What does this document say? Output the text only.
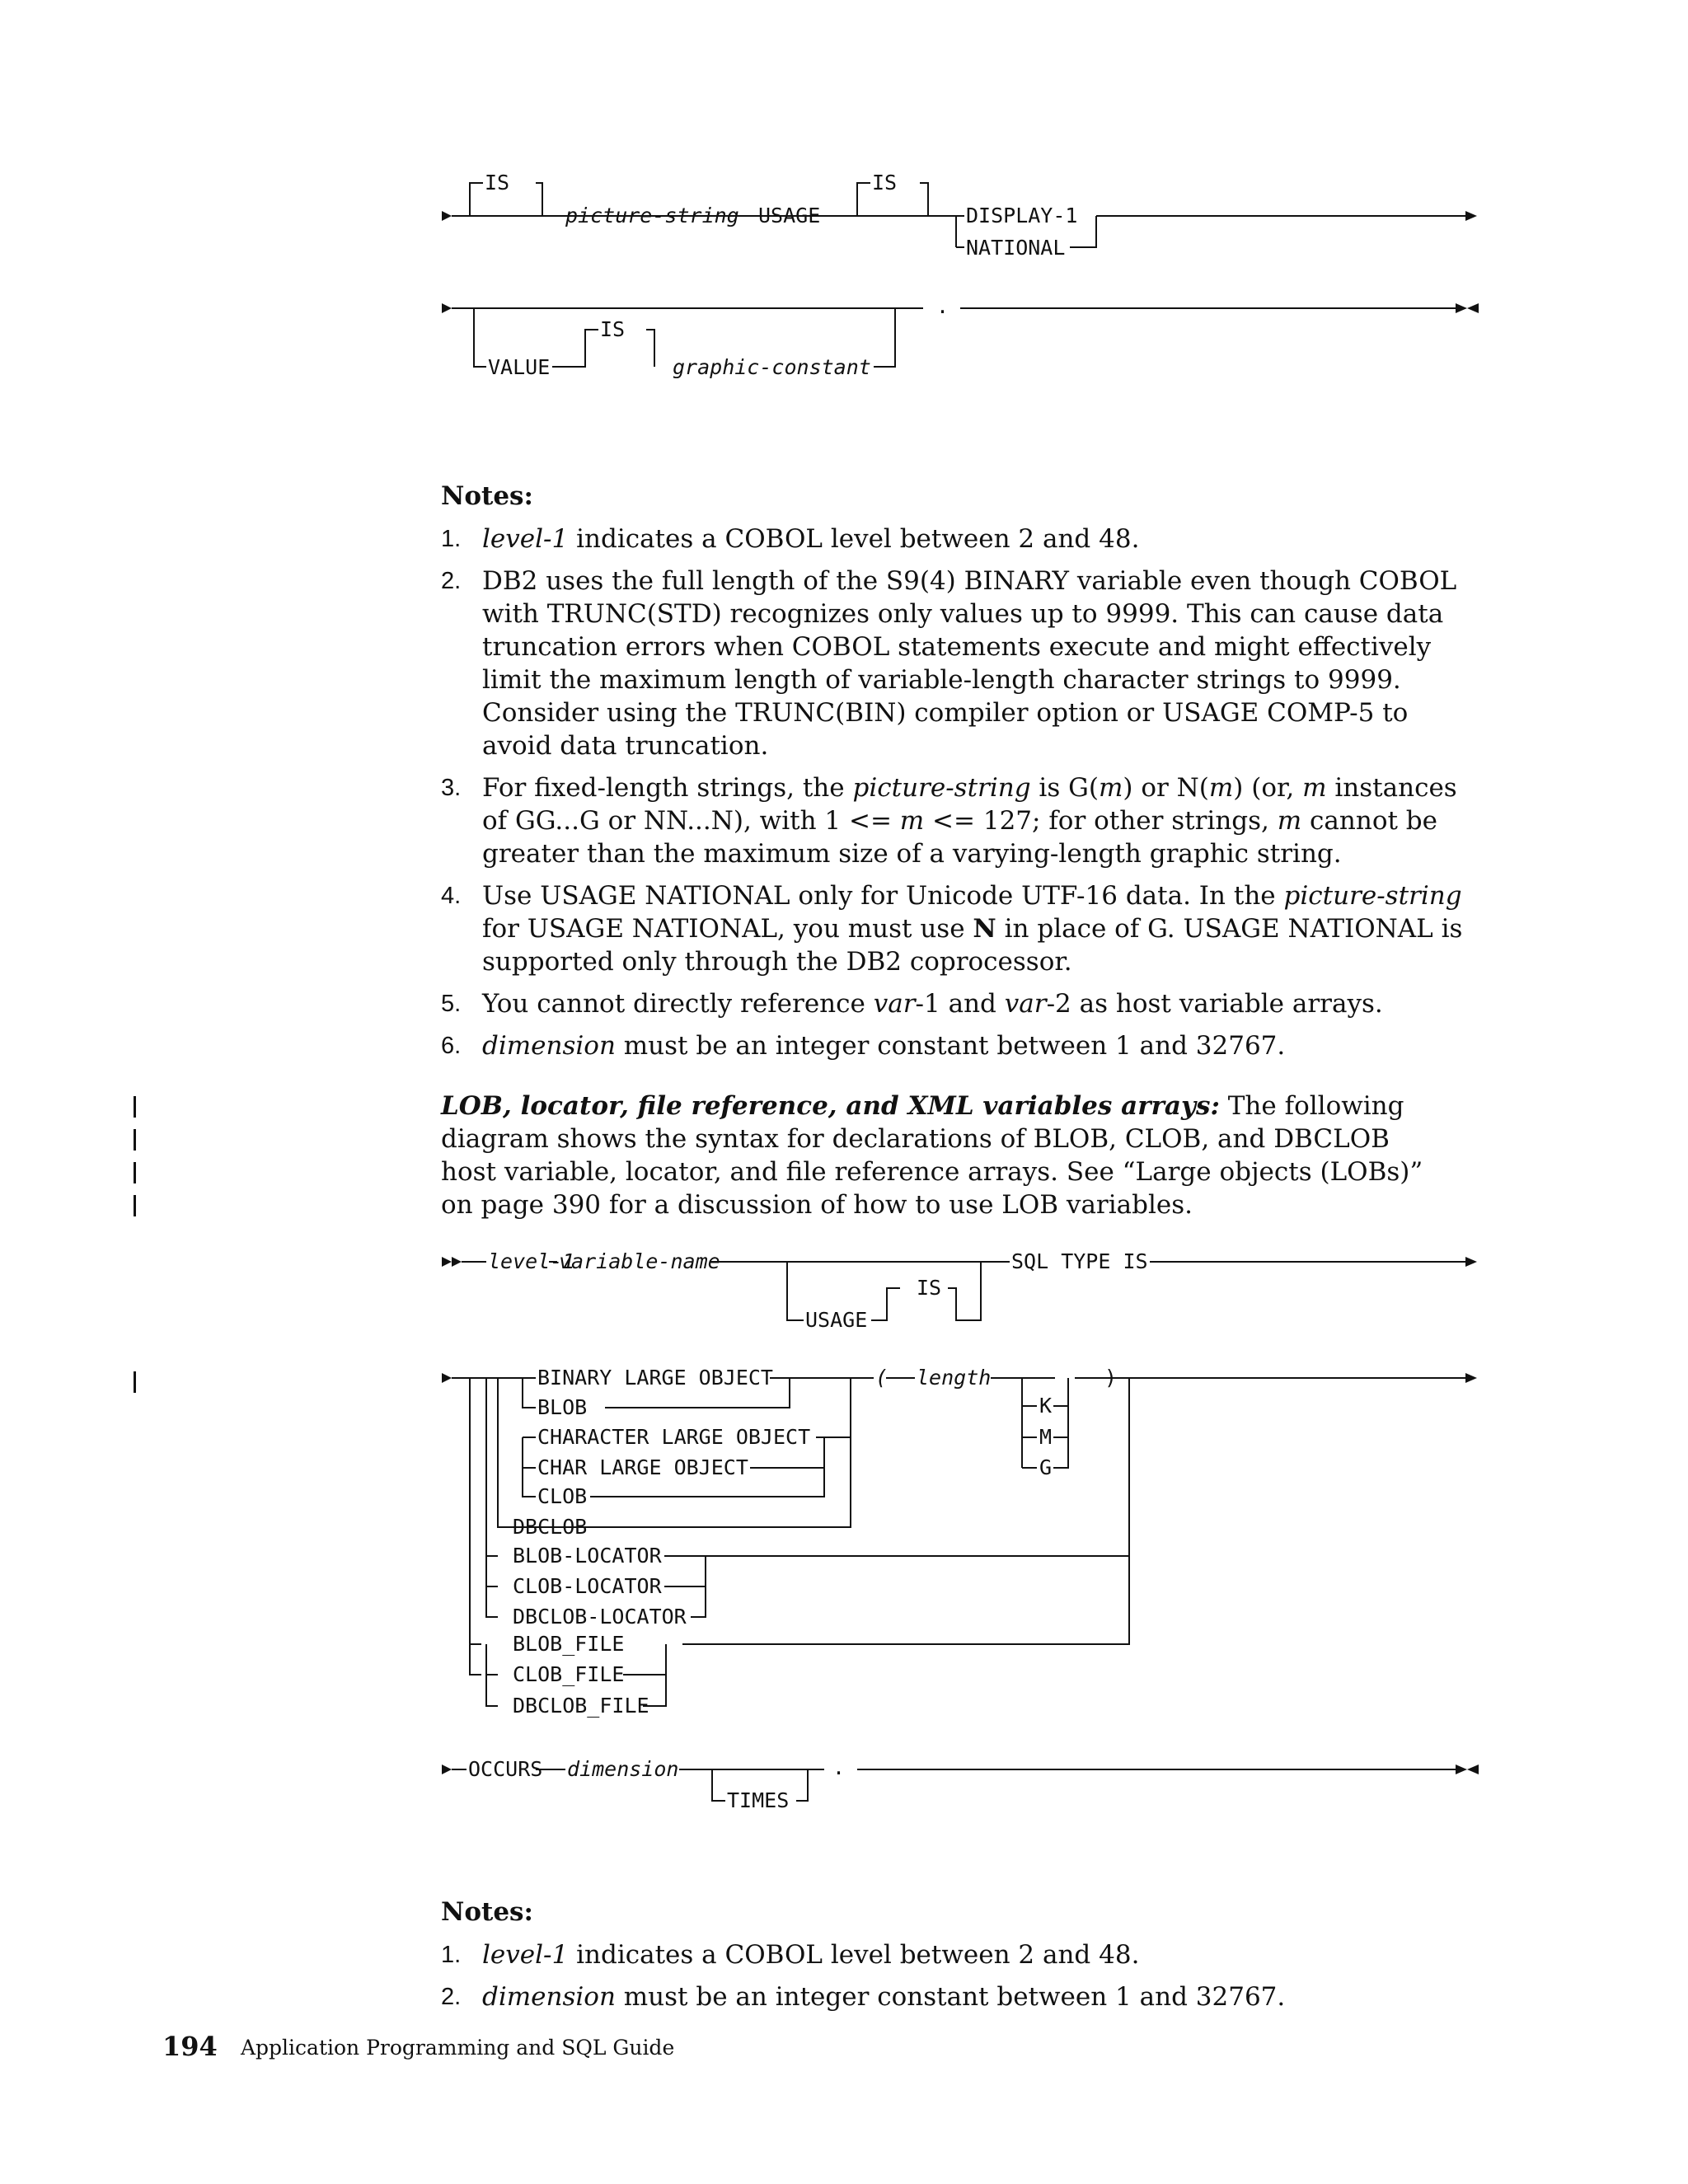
IS
picture-string USAGE
IS
DISPLAY-1
NATIONAL
VALUE
IS
graphic-constant
.
Notes:
1. level-1 indicates a COBOL level between 2 and 48.
2. DB2 uses the full length of the S9(4) BINARY variable even though COBOL with TRUNC(STD) recognizes only values up to 9999. This can cause data truncation errors when COBOL statements execute and might effectively limit the maximum length of variable-length character strings to 9999. Consider using the TRUNC(BIN) compiler option or USAGE COMP-5 to avoid data truncation.
3. For fixed-length strings, the picture-string is G(m) or N(m) (or, m instances of GG...G or NN...N), with 1 <= m <= 127; for other strings, m cannot be greater than the maximum size of a varying-length graphic string.
4. Use USAGE NATIONAL only for Unicode UTF-16 data. In the picture-string for USAGE NATIONAL, you must use N in place of G. USAGE NATIONAL is supported only through the DB2 coprocessor.
5. You cannot directly reference var-1 and var-2 as host variable arrays.
6. dimension must be an integer constant between 1 and 32767.
LOB, locator, file reference, and XML variables arrays: The following diagram shows the syntax for declarations of BLOB, CLOB, and DBCLOB host variable, locator, and file reference arrays. See “Large objects (LOBs)” on page 390 for a discussion of how to use LOB variables.
level-1
variable-name
USAGE
IS
SQL TYPE IS
BINARY LARGE OBJECT
BLOB
CHARACTER LARGE OBJECT
CHAR LARGE OBJECT
CLOB
DBCLOB
( length	)
K
M
G
BLOB-LOCATOR
CLOB-LOCATOR
DBCLOB-LOCATOR
BLOB_FILE
CLOB_FILE
DBCLOB_FILE
OCCURS dimension
TIMES
.
Notes:
1. level-1 indicates a COBOL level between 2 and 48.
2. dimension must be an integer constant between 1 and 32767.
194 Application Programming and SQL Guide
